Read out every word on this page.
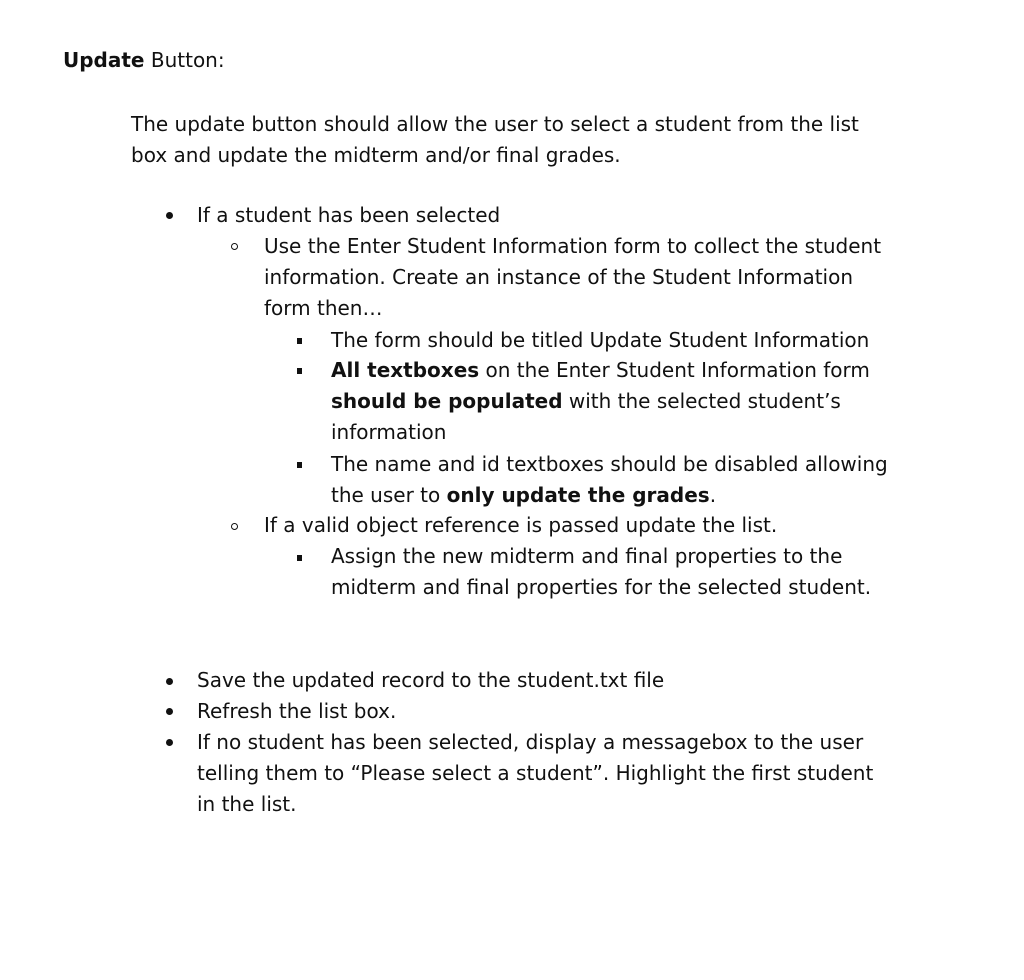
Update Button:
The update button should allow the user to select a student from the list
box and update the midterm and/or final grades.
If a student has been selected
Use the Enter Student Information form to collect the student
information. Create an instance of the Student Information
form then…
The form should be titled Update Student Information
All textboxes on the Enter Student Information form
should be populated with the selected student’s
information
The name and id textboxes should be disabled allowing
the user to only update the grades.
If a valid object reference is passed update the list.
Assign the new midterm and final properties to the
midterm and final properties for the selected student.
Save the updated record to the student.txt file
Refresh the list box.
If no student has been selected, display a messagebox to the user
telling them to “Please select a student”. Highlight the first student
in the list.
